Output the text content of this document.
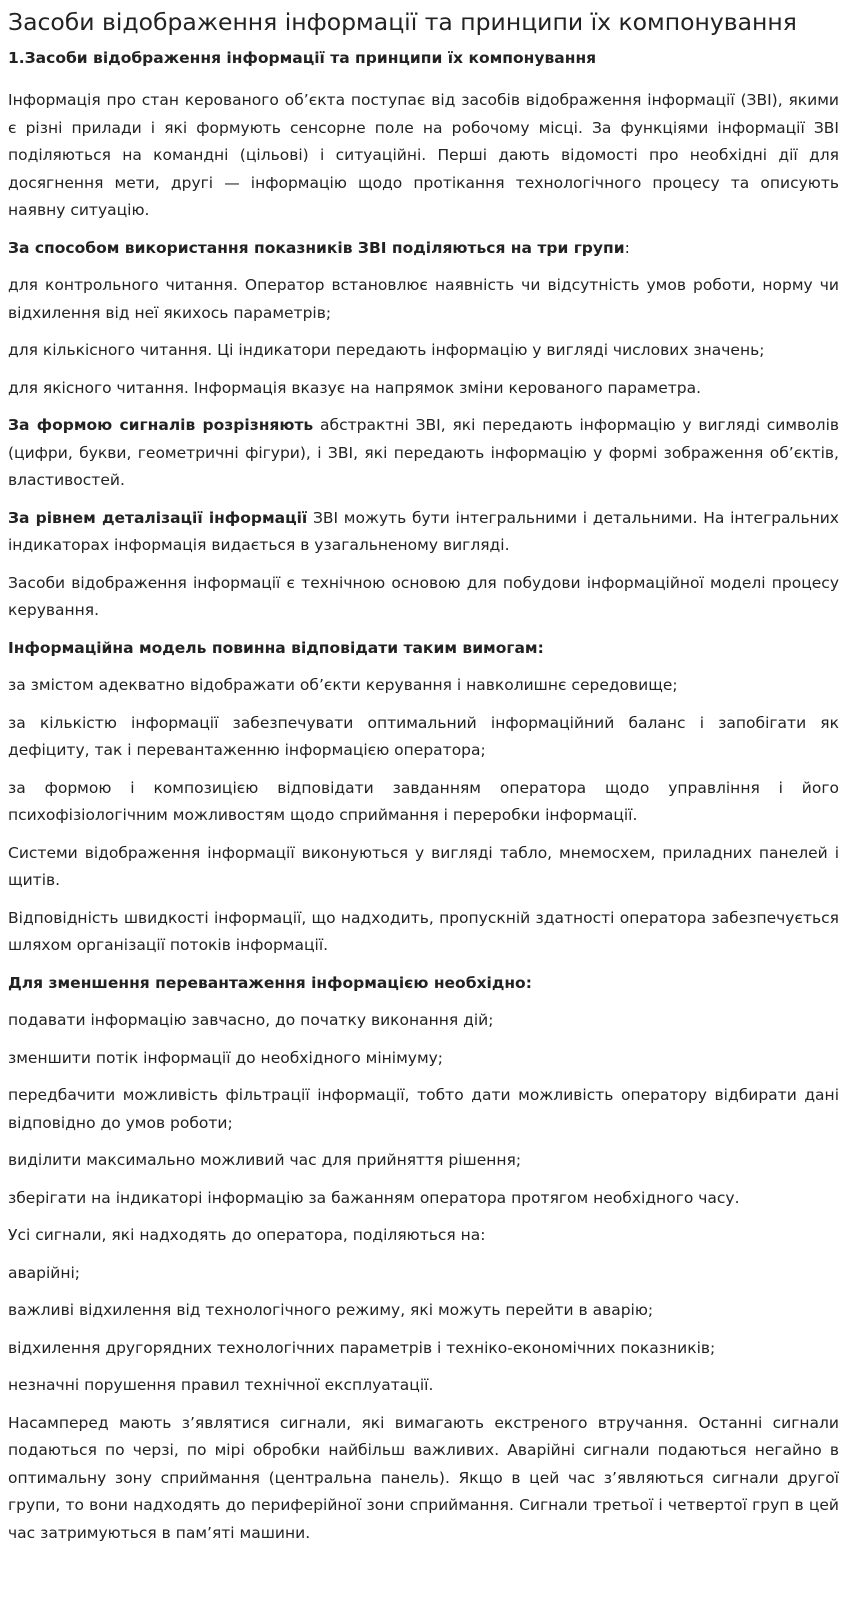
Засоби відображення інформації та принципи їх компонування
1.Засоби відображення інформації та принципи їх компонування

Інформація про стан керованого об’єкта поступає від засобів відображення інформації (ЗВІ), якими є різні прилади і які формують сенсорне поле на робочому місці. За функціями інформації ЗВІ поділяються на командні (цільові) і ситуаційні. Перші дають відомості про необхідні дії для досягнення мети, другі — інформацію щодо протікання технологічного процесу та описують наявну ситуацію.

За способом використання показників ЗВІ поділяються на три групи:

для контрольного читання. Оператор встановлює наявність чи відсутність умов роботи, норму чи відхилення від неї якихось параметрів;

для кількісного читання. Ці індикатори передають інформацію у вигляді числових значень;

для якісного читання. Інформація вказує на напрямок зміни керованого параметра.

За формою сигналів розрізняють абстрактні ЗВІ, які передають інформацію у вигляді символів (цифри, букви, геометричні фігури), і ЗВІ, які передають інформацію у формі зображення об’єктів, властивостей.

За рівнем деталізації інформації ЗВІ можуть бути інтегральними і детальними. На інтегральних індикаторах інформація видається в узагальненому вигляді.

Засоби відображення інформації є технічною основою для побудови інформаційної моделі процесу керування.

Інформаційна модель повинна відповідати таким вимогам:

за змістом адекватно відображати об’єкти керування і навколишнє середовище;

за кількістю інформації забезпечувати оптимальний інформаційний баланс і запобігати як дефіциту, так і перевантаженню інформацією оператора;

за формою і композицією відповідати завданням оператора щодо управління і його психофізіологічним можливостям щодо сприймання і переробки інформації.

Системи відображення інформації виконуються у вигляді табло, мнемосхем, приладних панелей і щитів.

Відповідність швидкості інформації, що надходить, пропускній здатності оператора забезпечується шляхом організації потоків інформації.

Для зменшення перевантаження інформацією необхідно:

подавати інформацію завчасно, до початку виконання дій;

зменшити потік інформації до необхідного мінімуму;

передбачити можливість фільтрації інформації, тобто дати можливість оператору відбирати дані відповідно до умов роботи;

виділити максимально можливий час для прийняття рішення;

зберігати на індикаторі інформацію за бажанням оператора протягом необхідного часу.

Усі сигнали, які надходять до оператора, поділяються на:

аварійні;

важливі відхилення від технологічного режиму, які можуть перейти в аварію;

відхилення другорядних технологічних параметрів і техніко-економічних показників;

незначні порушення правил технічної експлуатації.

Насамперед мають з’являтися сигнали, які вимагають екстреного втручання. Останні сигнали подаються по черзі, по мірі обробки найбільш важливих. Аварійні сигнали подаються негайно в оптимальну зону сприймання (центральна панель). Якщо в цей час з’являються сигнали другої групи, то вони надходять до периферійної зони сприймання. Сигнали третьої і четвертої груп в цей час затримуються в пам’яті машини.
